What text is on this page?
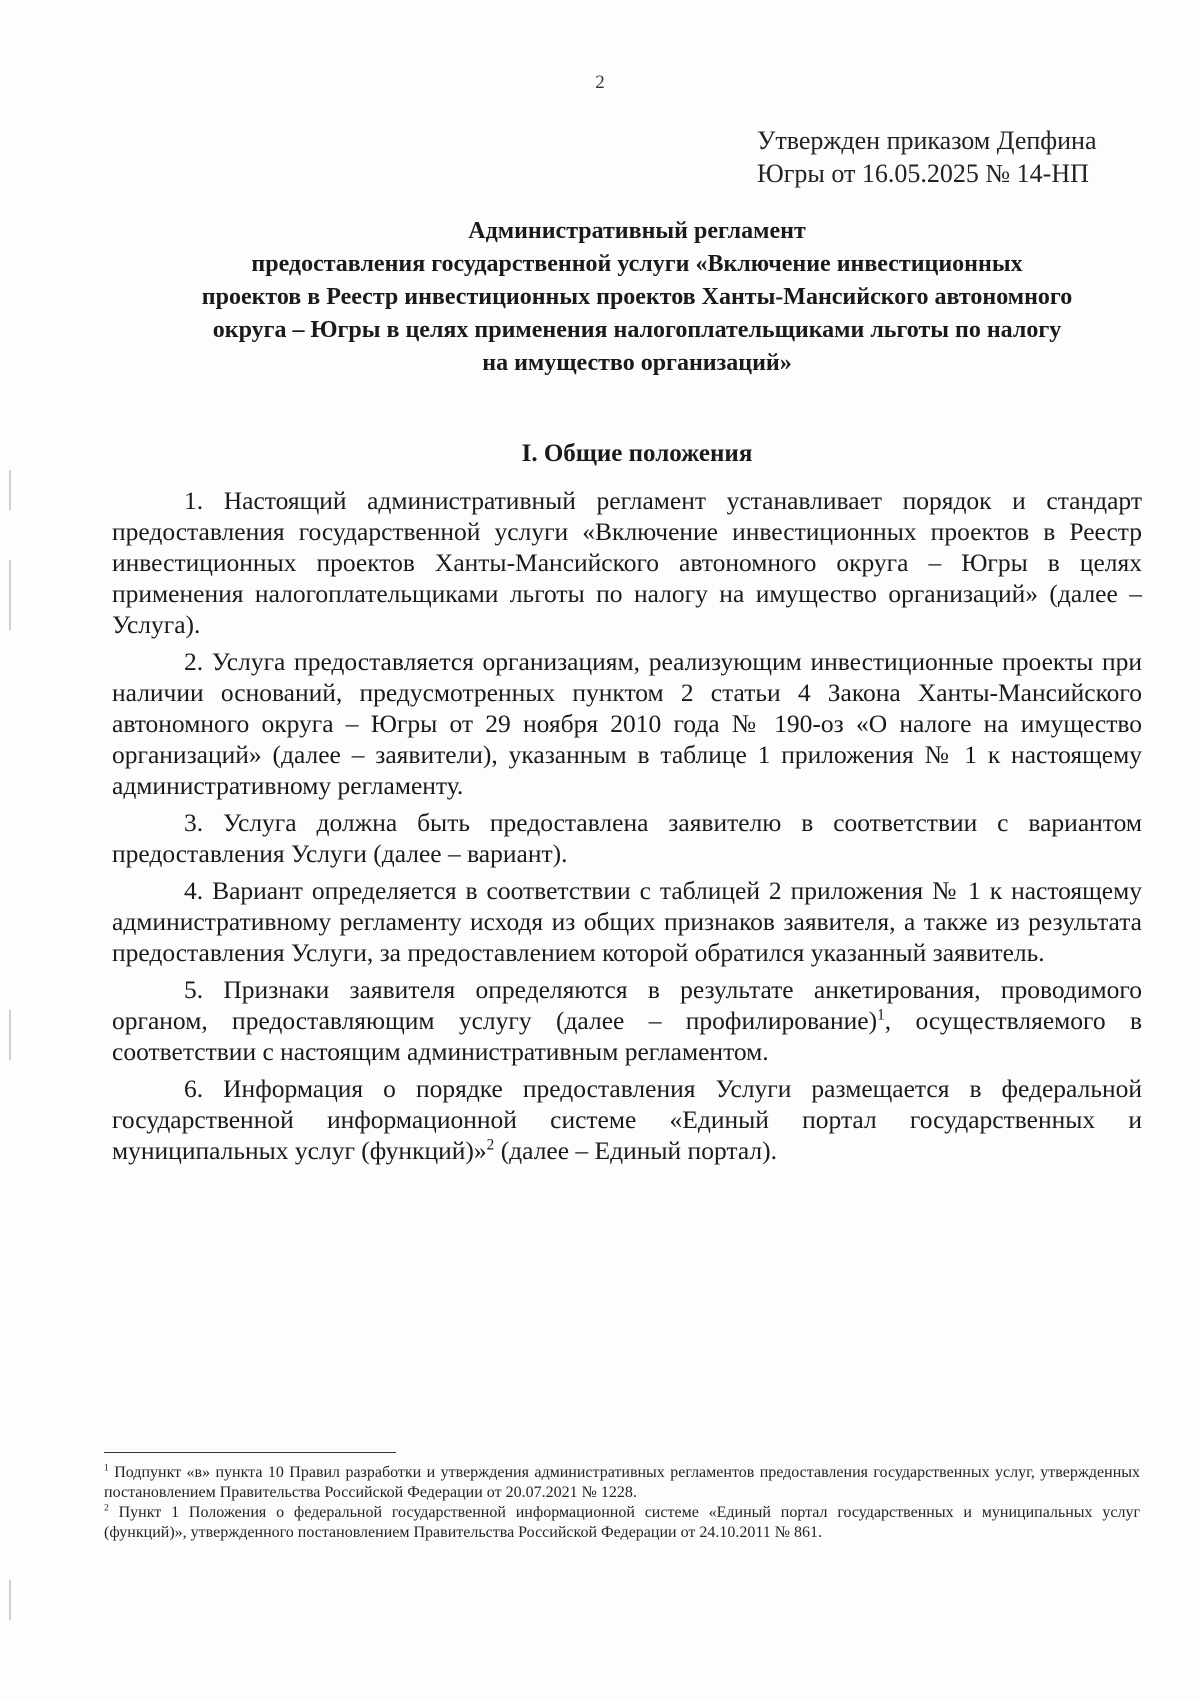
2
Утвержден приказом Депфина
Югры от 16.05.2025 № 14-НП
Административный регламент
предоставления государственной услуги «Включение инвестиционных
проектов в Реестр инвестиционных проектов Ханты-Мансийского автономного
округа – Югры в целях применения налогоплательщиками льготы по налогу
на имущество организаций»
I. Общие положения

1. Настоящий административный регламент устанавливает порядок и стандарт предоставления государственной услуги «Включение инвестиционных проектов в Реестр инвестиционных проектов Ханты-Мансийского автономного округа – Югры в целях применения налогоплательщиками льготы по налогу на имущество организаций» (далее – Услуга).

2. Услуга предоставляется организациям, реализующим инвестиционные проекты при наличии оснований, предусмотренных пунктом 2 статьи 4 Закона Ханты-Мансийского автономного округа – Югры от 29 ноября 2010 года № 190-оз «О налоге на имущество организаций» (далее – заявители), указанным в таблице 1 приложения № 1 к настоящему административному регламенту.

3. Услуга должна быть предоставлена заявителю в соответствии с вариантом предоставления Услуги (далее – вариант).

4. Вариант определяется в соответствии с таблицей 2 приложения № 1 к настоящему административному регламенту исходя из общих признаков заявителя, а также из результата предоставления Услуги, за предоставлением которой обратился указанный заявитель.

5. Признаки заявителя определяются в результате анкетирования, проводимого органом, предоставляющим услугу (далее – профилирование)$^1$, осуществляемого в соответствии с настоящим административным регламентом.

6. Информация о порядке предоставления Услуги размещается в федеральной государственной информационной системе «Единый портал государственных и муниципальных услуг (функций)»$^2$ (далее – Единый портал).

$^1$ Подпункт «в» пункта 10 Правил разработки и утверждения административных регламентов предоставления государственных услуг, утвержденных постановлением Правительства Российской Федерации от 20.07.2021 № 1228.

$^2$ Пункт 1 Положения о федеральной государственной информационной системе «Единый портал государственных и муниципальных услуг (функций)», утвержденного постановлением Правительства Российской Федерации от 24.10.2011 № 861.
